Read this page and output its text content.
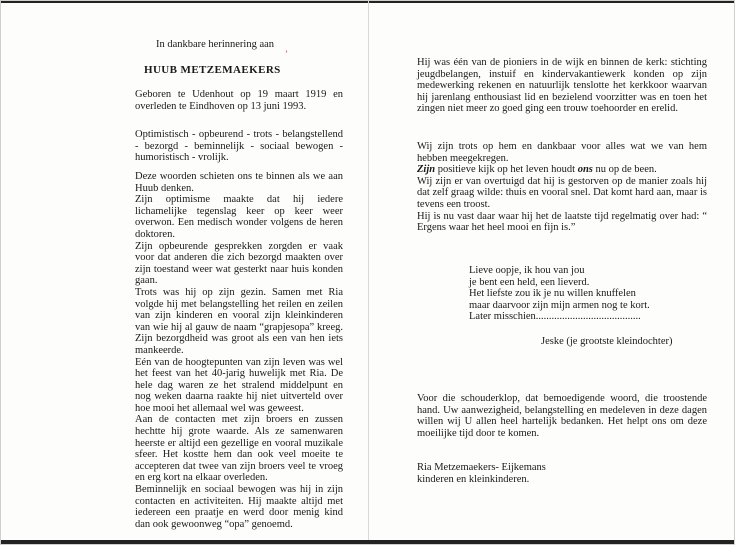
ʼ

In dankbare herinnering aan

HUUB METZEMAEKERS

Geboren te Udenhout op 19 maart 1919 en overleden te Eindhoven op 13 juni 1993.

Optimistisch - opbeurend - trots - belangstellend - bezorgd - beminnelijk - sociaal bewogen - humoristisch - vrolijk.

Deze woorden schieten ons te binnen als we aan Huub denken.

Zijn optimisme maakte dat hij iedere lichamelijke tegenslag keer op keer weer overwon. Een medisch wonder volgens de heren doktoren.

Zijn opbeurende gesprekken zorgden er vaak voor dat anderen die zich bezorgd maakten over zijn toestand weer wat gesterkt naar huis konden gaan.

Trots was hij op zijn gezin. Samen met Ria volgde hij met belangstelling het reilen en zeilen van zijn kinderen en vooral zijn kleinkinderen van wie hij al gauw de naam “grapjesopa” kreeg. Zijn bezorgdheid was groot als een van hen iets mankeerde.

Eén van de hoogtepunten van zijn leven was wel het feest van het 40-jarig huwelijk met Ria. De hele dag waren ze het stralend middelpunt en nog weken daarna raakte hij niet uitverteld over hoe mooi het allemaal wel was geweest.

Aan de contacten met zijn broers en zussen hechtte hij grote waarde. Als ze samenwaren heerste er altijd een gezellige en vooral muzikale sfeer. Het kostte hem dan ook veel moeite te accepteren dat twee van zijn broers veel te vroeg en erg kort na elkaar overleden.

Beminnelijk en sociaal bewogen was hij in zijn contacten en activiteiten. Hij maakte altijd met iedereen een praatje en werd door menig kind dan ook gewoonweg “opa” genoemd.

Hij was één van de pioniers in de wijk en binnen de kerk: stichting jeugdbelangen, instuif en kindervakantiewerk konden op zijn medewerking rekenen en natuurlijk tenslotte het kerkkoor waarvan hij jarenlang enthousiast lid en bezielend voorzitter was en toen het zingen niet meer zo goed ging een trouw toehoorder en erelid.

Wij zijn trots op hem en dankbaar voor alles wat we van hem hebben meegekregen.

Zijn positieve kijk op het leven houdt ons nu op de been.

Wij zijn er van overtuigd dat hij is gestorven op de manier zoals hij dat zelf graag wilde: thuis en vooral snel. Dat komt hard aan, maar is tevens een troost.

Hij is nu vast daar waar hij het de laatste tijd regelmatig over had: “ Ergens waar het heel mooi en fijn is.”

Lieve oopje, ik hou van jou
je bent een held, een lieverd.
Het liefste zou ik je nu willen knuffelen
maar daarvoor zijn mijn armen nog te kort.
Later misschien........................................

Jeske (je grootste kleindochter)

Voor die schouderklop, dat bemoedigende woord, die troostende hand. Uw aanwezigheid, belangstelling en medeleven in deze dagen willen wij U allen heel hartelijk bedanken. Het helpt ons om deze moeilijke tijd door te komen.

Ria Metzemaekers- Eijkemans

kinderen en kleinkinderen.
